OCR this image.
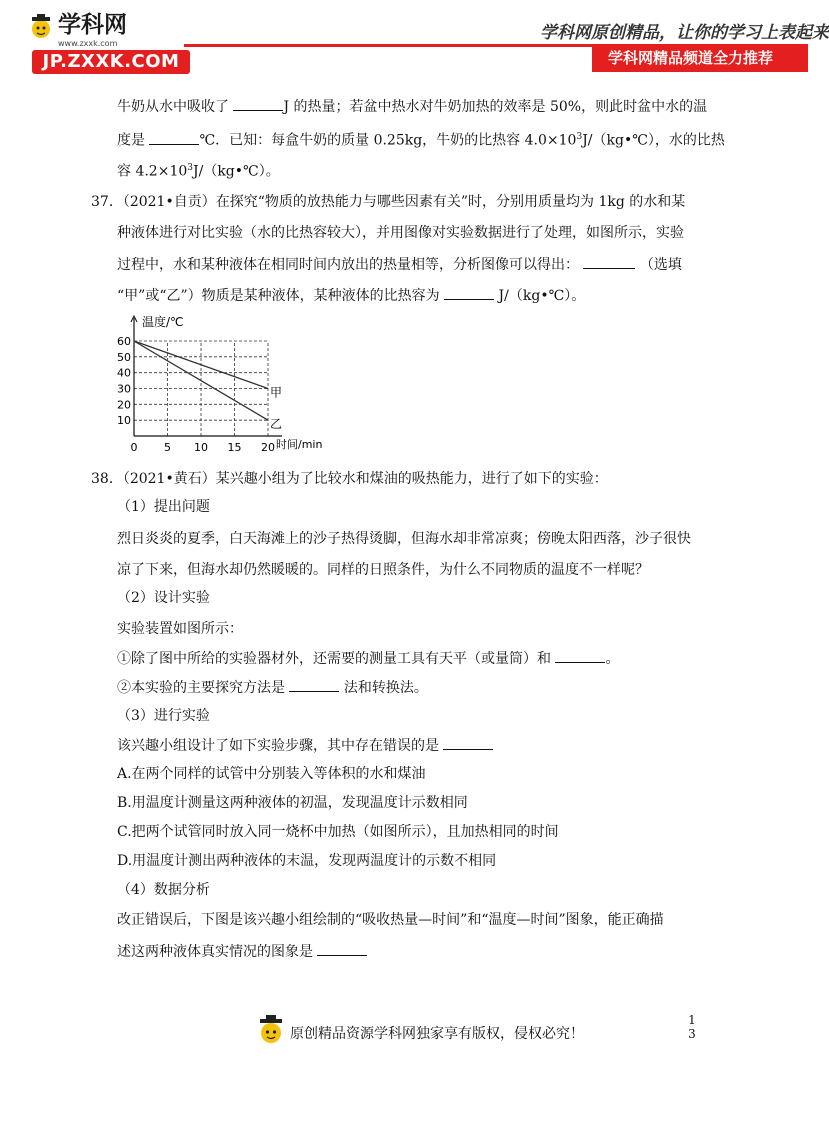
学科网
www.zxxk.com
JP.ZXXK.COM
学科网原创精品，让你的学习上表起来
学科网精品频道全力推荐
牛奶从水中吸收了	J 的热量；若盆中热水对牛奶加热的效率是 50%，则此时盆中水的温
度是	℃．已知：每盒牛奶的质量 0.25kg，牛奶的比热容 $4.0\times 10^3J/(kg•℃)$，水的比热
容 $4.2\times 10^3J/(kg•℃)$。
37．（2021•自贡）在探究“物质的放热能力与哪些因素有关”时，分别用质量均为 1kg 的水和某
种液体进行对比实验（水的比热容较大），并用图像对实验数据进行了处理，如图所示，实验
过程中，水和某种液体在相同时间内放出的热量相等，分析图像可以得出：	（选填
“甲”或“乙”）物质是某种液体，某种液体的比热容为	J/（kg•℃）。
0 5 10 15 20
10
20
30
40
50
60
甲
乙
温度/℃
时间/min
38．（2021•黄石）某兴趣小组为了比较水和煤油的吸热能力，进行了如下的实验：
（1）提出问题
烈日炎炎的夏季，白天海滩上的沙子热得烫脚，但海水却非常凉爽；傍晚太阳西落，沙子很快
凉了下来，但海水却仍然暖暖的。同样的日照条件，为什么不同物质的温度不一样呢？
（2）设计实验
实验装置如图所示：
①除了图中所给的实验器材外，还需要的测量工具有天平（或量筒）和	。
②本实验的主要探究方法是	法和转换法。
（3）进行实验
该兴趣小组设计了如下实验步骤，其中存在错误的是
A.在两个同样的试管中分别装入等体积的水和煤油
B.用温度计测量这两种液体的初温，发现温度计示数相同
C.把两个试管同时放入同一烧杯中加热（如图所示），且加热相同的时间
D.用温度计测出两种液体的末温，发现两温度计的示数不相同
（4）数据分析
改正错误后，下图是该兴趣小组绘制的“吸收热量—时间”和“温度—时间”图象，能正确描
述这两种液体真实情况的图象是
原创精品资源学科网独家享有版权，侵权必究！
1
3
